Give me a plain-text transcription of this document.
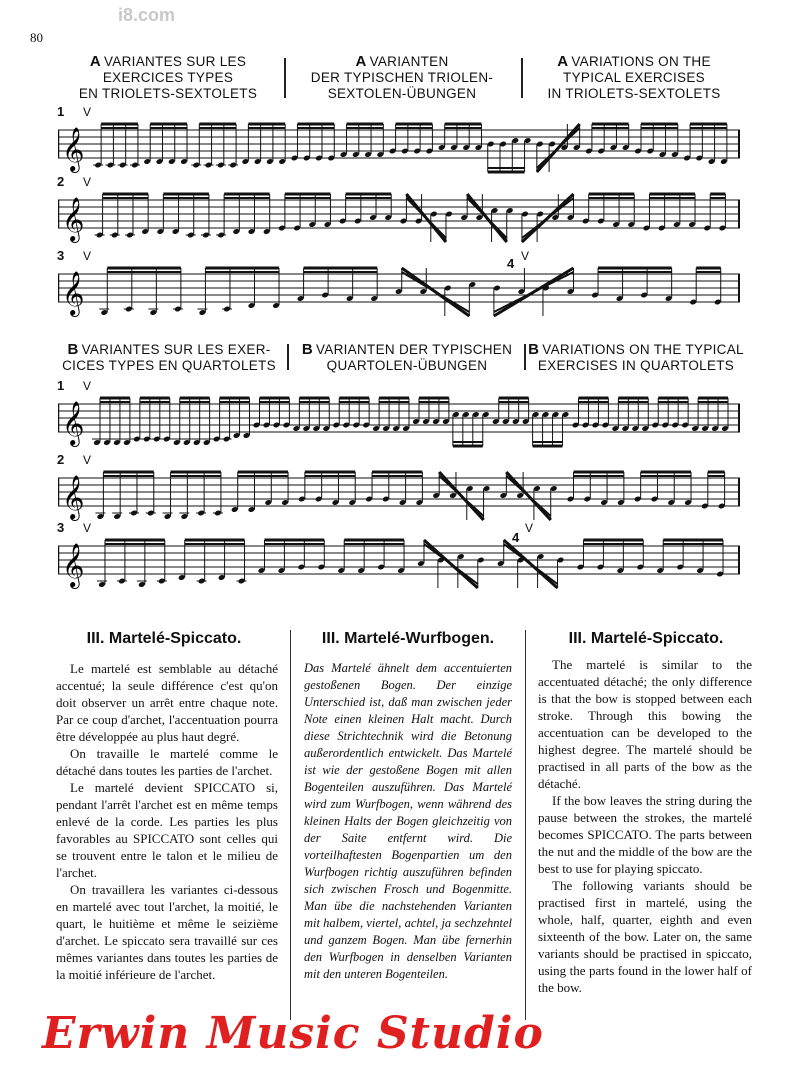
80
i8.com
A VARIANTES SUR LES
EXERCICES TYPES
EN TRIOLETS-SEXTOLETS
A VARIANTEN
DER TYPISCHEN TRIOLEN-
SEXTOLEN-ÜBUNGEN
A VARIATIONS ON THE
TYPICAL EXERCISES
IN TRIOLETS-SEXTOLETS
1 V
𝄞
2 V
𝄞
3 V	4 V
𝄞
B VARIANTES SUR LES EXER-
CICES TYPES EN QUARTOLETS
B VARIANTEN DER TYPISCHEN
QUARTOLEN-ÜBUNGEN
B VARIATIONS ON THE TYPICAL
EXERCISES IN QUARTOLETS
1 V
𝄞
2 V
𝄞
3 V
4
V
𝄞
III. Martelé-Spiccato.

Le martelé est semblable au détaché accentué; la seule différence c'est qu'on doit observer un arrêt entre chaque note. Par ce coup d'archet, l'accentuation pourra être développée au plus haut degré.

On travaille le martelé comme le détaché dans toutes les parties de l'archet.

Le martelé devient SPICCATO si, pendant l'arrêt l'archet est en même temps enlevé de la corde. Les parties les plus favorables au SPICCATO sont celles qui se trouvent entre le talon et le milieu de l'archet.

On travaillera les variantes ci-dessous en martelé avec tout l'archet, la moitié, le quart, le huitième et même le seizième d'archet. Le spiccato sera travaillé sur ces mêmes variantes dans toutes les parties de la moitié inférieure de l'archet.

III. Martelé-Wurfbogen.

Das Martelé ähnelt dem accentuierten gestoßenen Bogen. Der einzige Unterschied ist, daß man zwischen jeder Note einen kleinen Halt macht. Durch diese Strichtechnik wird die Betonung außerordentlich entwickelt. Das Martelé ist wie der gestoßene Bogen mit allen Bogenteilen auszuführen. Das Martelé wird zum Wurfbogen, wenn während des kleinen Halts der Bogen gleichzeitig von der Saite entfernt wird. Die vorteilhaftesten Bogenpartien um den Wurfbogen richtig auszuführen befinden sich zwischen Frosch und Bogenmitte. Man übe die nachstehenden Varianten mit halbem, viertel, achtel, ja sechzehntel und ganzem Bogen. Man übe fernerhin den Wurfbogen in denselben Varianten mit den unteren Bogenteilen.

III. Martelé-Spiccato.

The martelé is similar to the accentuated détaché; the only difference is that the bow is stopped between each stroke. Through this bowing the accentuation can be developed to the highest degree. The martelé should be practised in all parts of the bow as the détaché.

If the bow leaves the string during the pause between the strokes, the martelé becomes SPICCATO. The parts between the nut and the middle of the bow are the best to use for playing spiccato.

The following variants should be practised first in martelé, using the whole, half, quarter, eighth and even sixteenth of the bow. Later on, the same variants should be practised in spiccato, using the parts found in the lower half of the bow.

Erwin Music Studio
